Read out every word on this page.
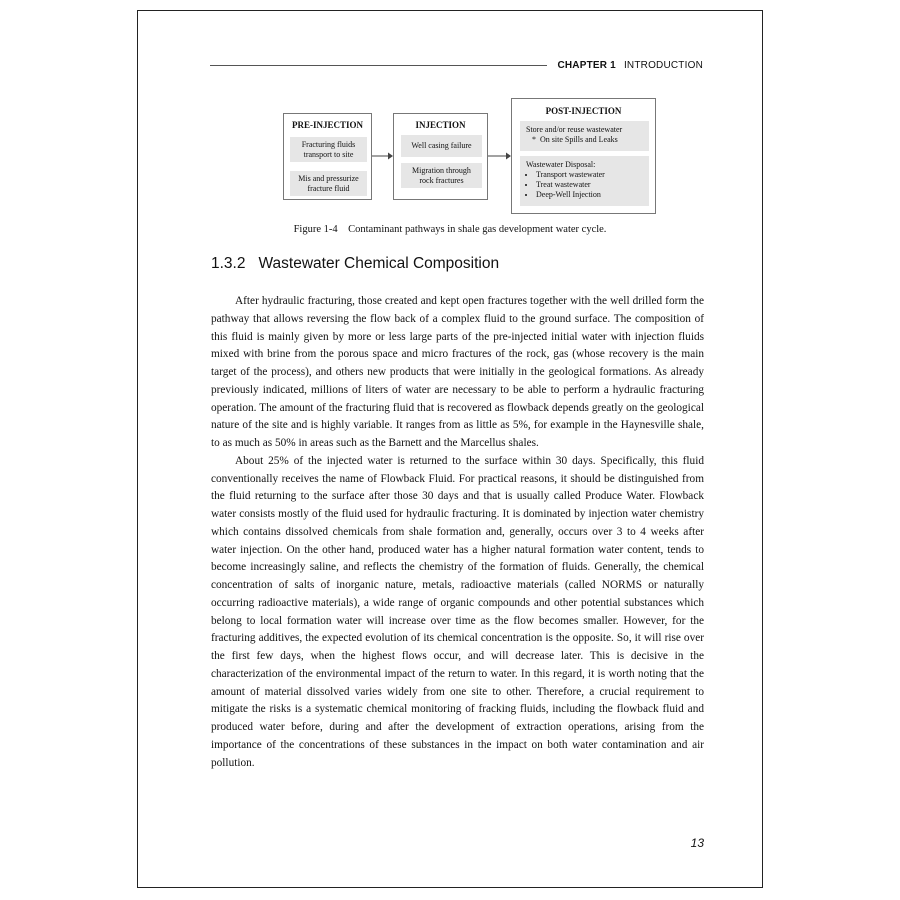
CHAPTER 1 INTRODUCTION
PRE-INJECTION
Fracturing fluids transport to site
Mis and pressurize fracture fluid
INJECTION
Well casing failure
Migration through rock fractures
POST-INJECTION
Store and/or reuse wastewater
*  On site Spills and Leaks
Wastewater Disposal:
• Transport wastewater
• Treat wastewater
• Deep-Well Injection
Figure 1-4    Contaminant pathways in shale gas development water cycle.
1.3.2 Wastewater Chemical Composition

After hydraulic fracturing, those created and kept open fractures together with the well drilled form the pathway that allows reversing the flow back of a complex fluid to the ground surface. The composition of this fluid is mainly given by more or less large parts of the pre-injected initial water with injection fluids mixed with brine from the porous space and micro fractures of the rock, gas (whose recovery is the main target of the process), and others new products that were initially in the geological formations. As already previously indicated, millions of liters of water are necessary to be able to perform a hydraulic fracturing operation. The amount of the fracturing fluid that is recovered as flowback depends greatly on the geological nature of the site and is highly variable. It ranges from as little as 5%, for example in the Haynesville shale, to as much as 50% in areas such as the Barnett and the Marcellus shales.

About 25% of the injected water is returned to the surface within 30 days. Specifically, this fluid conventionally receives the name of Flowback Fluid. For practical reasons, it should be distinguished from the fluid returning to the surface after those 30 days and that is usually called Produce Water. Flowback water consists mostly of the fluid used for hydraulic fracturing. It is dominated by injection water chemistry which contains dissolved chemicals from shale formation and, generally, occurs over 3 to 4 weeks after water injection. On the other hand, produced water has a higher natural formation water content, tends to become increasingly saline, and reflects the chemistry of the formation of fluids. Generally, the chemical concentration of salts of inorganic nature, metals, radioactive materials (called NORMS or naturally occurring radioactive materials), a wide range of organic compounds and other potential substances which belong to local formation water will increase over time as the flow becomes smaller. However, for the fracturing additives, the expected evolution of its chemical concentration is the opposite. So, it will rise over the first few days, when the highest flows occur, and will decrease later. This is decisive in the characterization of the environmental impact of the return to water. In this regard, it is worth noting that the amount of material dissolved varies widely from one site to other. Therefore, a crucial requirement to mitigate the risks is a systematic chemical monitoring of fracking fluids, including the flowback fluid and produced water before, during and after the development of extraction operations, arising from the importance of the concentrations of these substances in the impact on both water contamination and air pollution.

13
